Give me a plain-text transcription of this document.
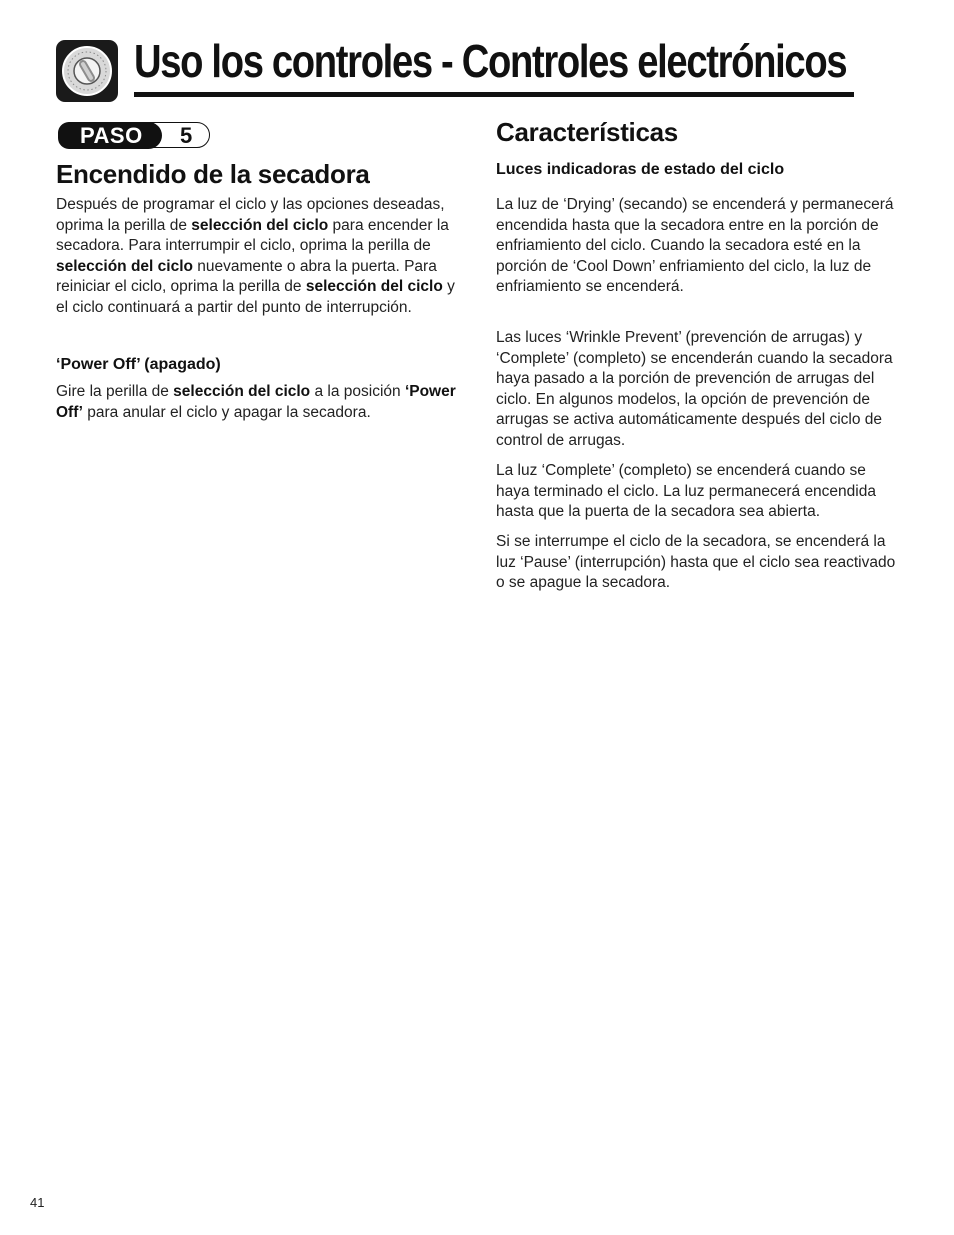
Uso los controles - Controles electrónicos
PASO 5
Encendido de la secadora

Después de programar el ciclo y las opciones deseadas, oprima la perilla de selección del ciclo para encender la secadora. Para interrumpir el ciclo, oprima la perilla de selección del ciclo nuevamente o abra la puerta. Para reiniciar el ciclo, oprima la perilla de selección del ciclo y el ciclo continuará a partir del punto de interrupción.

‘Power Off’ (apagado)

Gire la perilla de selección del ciclo a la posición ‘Power Off’ para anular el ciclo y apagar la secadora.

Características
Luces indicadoras de estado del ciclo

La luz de ‘Drying’ (secando) se encenderá y permanecerá encendida hasta que la secadora entre en la porción de enfriamiento del ciclo. Cuando la secadora esté en la porción de ‘Cool Down’ enfriamiento del ciclo, la luz de enfriamiento se encenderá.

Las luces ‘Wrinkle Prevent’ (prevención de arrugas) y ‘Complete’ (completo) se encenderán cuando la secadora haya pasado a la porción de prevención de arrugas del ciclo. En algunos modelos, la opción de prevención de arrugas se activa automáticamente después del ciclo de control de arrugas.

La luz ‘Complete’ (completo) se encenderá cuando se haya terminado el ciclo. La luz permanecerá encendida hasta que la puerta de la secadora sea abierta.

Si se interrumpe el ciclo de la secadora, se encenderá la luz ‘Pause’ (interrupción) hasta que el ciclo sea reactivado o se apague la secadora.

41
